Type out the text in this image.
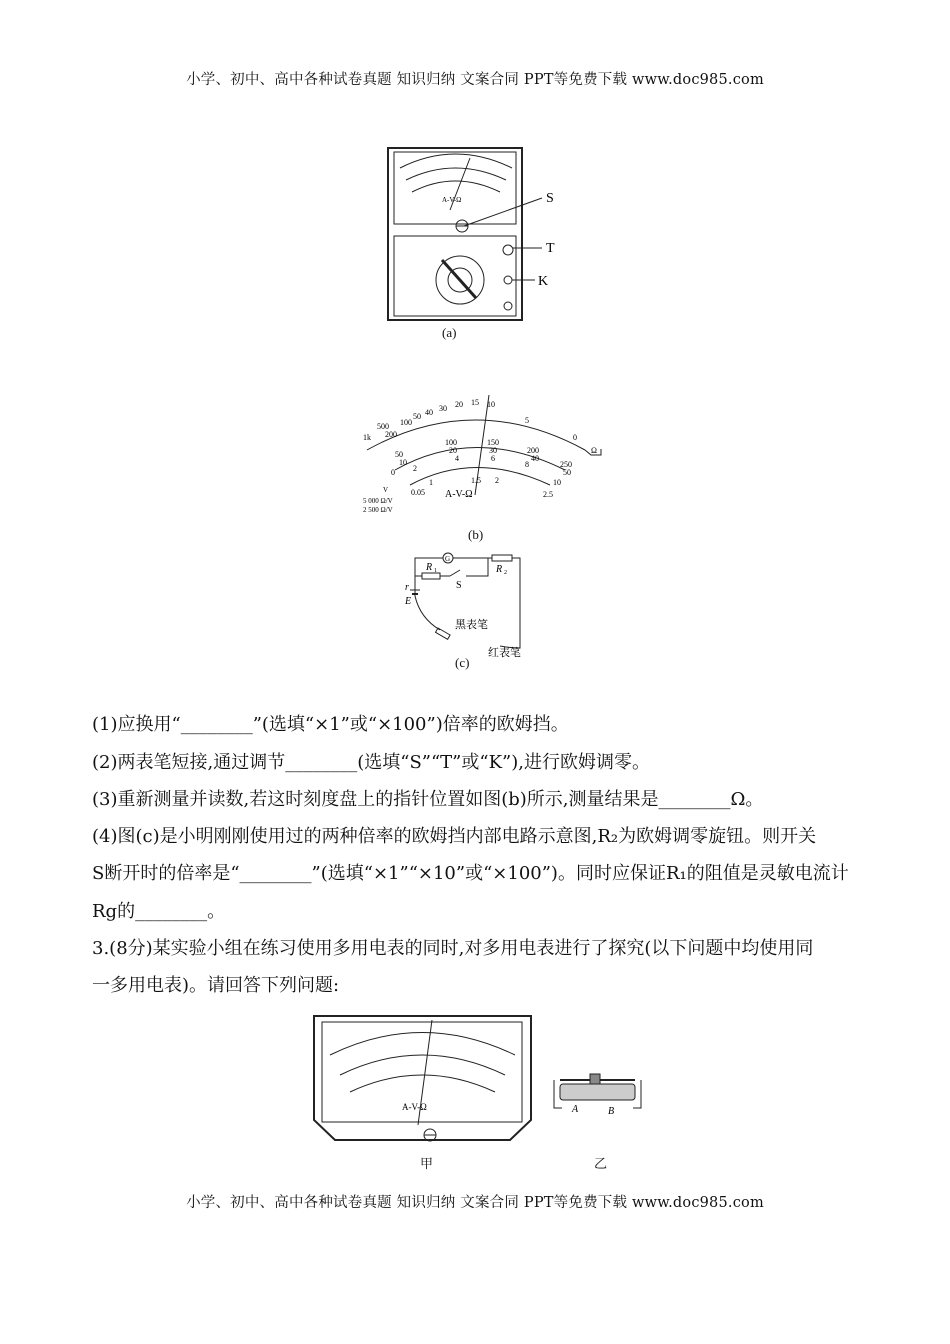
小学、初中、高中各种试卷真题 知识归纳 文案合同 PPT等免费下载 www.doc985.com
A-V-Ω	S
T
K
(a)
1k
500
200
100
50 40 30 20 15 10
5
0
Ω
50
100	150
200
250
10
20	30
40
50
0 2
4	6
8
10
0.05
1	1.5 2
2.5
A-V-Ω
V
5 000 Ω/V
2 500 Ω/V
(b)
G
R 1	R 2
S
r
E
黑表笔
红表笔
(c)
(1)应换用“________”(选填“×1”或“×100”)倍率的欧姆挡。
(2)两表笔短接,通过调节________(选填“S”“T”或“K”),进行欧姆调零。
(3)重新测量并读数,若这时刻度盘上的指针位置如图(b)所示,测量结果是________Ω。
(4)图(c)是小明刚刚使用过的两种倍率的欧姆挡内部电路示意图,R₂为欧姆调零旋钮。则开关
S断开时的倍率是“________”(选填“×1”“×10”或“×100”)。同时应保证R₁的阻值是灵敏电流计
Rg的________。
3.(8分)某实验小组在练习使用多用电表的同时,对多用电表进行了探究(以下问题中均使用同
一多用电表)。请回答下列问题:
A-V-Ω
甲
A	B
乙
小学、初中、高中各种试卷真题 知识归纳 文案合同 PPT等免费下载 www.doc985.com
